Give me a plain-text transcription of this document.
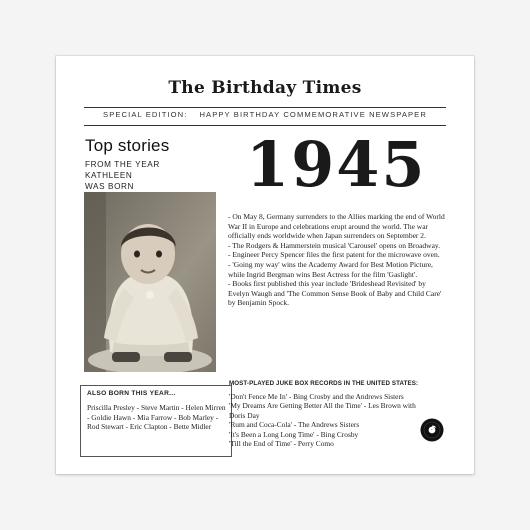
The Birthday Times
SPECIAL EDITION: HAPPY BIRTHDAY COMMEMORATIVE NEWSPAPER
Top stories
FROM THE YEAR KATHLEEN
WAS BORN	1945

- On May 8, Germany surrenders to the Allies marking the end of World War II in Europe and celebrations erupt around the world. The war officially ends worldwide when Japan surrenders on September 2.

- The Rodgers & Hammerstein musical 'Carousel' opens on Broadway.

- Engineer Percy Spencer files the first patent for the microwave oven.

- 'Going my way' wins the Academy Award for Best Motion Picture, while Ingrid Bergman wins Best Actress for the film 'Gaslight'.

- Books first published this year include 'Brideshead Revisited' by Evelyn Waugh and 'The Common Sense Book of Baby and Child Care' by Benjamin Spock.

ALSO BORN THIS YEAR...
Priscilla Presley - Steve Martin - Helen Mirren - Goldie Hawn - Mia Farrow - Bob Marley - Rod Stewart - Eric Clapton - Bette Midler
MOST-PLAYED JUKE BOX RECORDS IN THE UNITED STATES:

'Don't Fence Me In' - Bing Crosby and the Andrews Sisters

'My Dreams Are Getting Better All the Time' - Les Brown with Doris Day

'Rum and Coca-Cola' - The Andrews Sisters

'It's Been a Long Long Time' - Bing Crosby

'Till the End of Time' - Perry Como
